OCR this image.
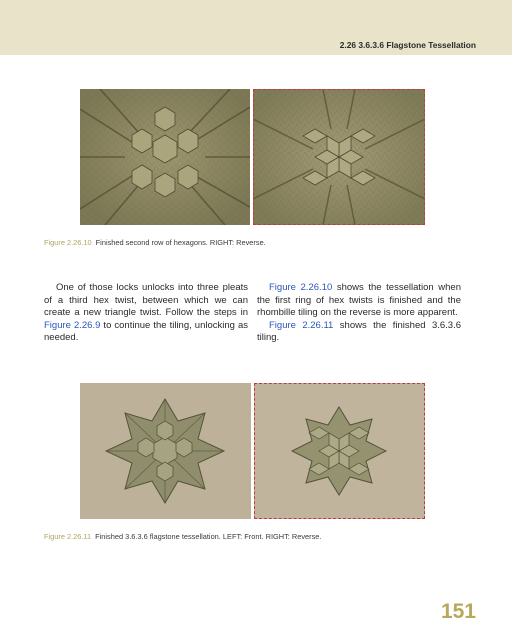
2.26 3.6.3.6 Flagstone Tessellation
Figure 2.26.10 Finished second row of hexagons. RIGHT: Reverse.

One of those locks unlocks into three pleats of a third hex twist, between which we can create a new triangle twist. Follow the steps in Figure 2.26.9 to continue the tiling, unlocking as needed.

Figure 2.26.10 shows the tessellation when the first ring of hex twists is finished and the rhombille tiling on the reverse is more apparent.

Figure 2.26.11 shows the finished 3.6.3.6 tiling.

Figure 2.26.11 Finished 3.6.3.6 flagstone tessellation. LEFT: Front. RIGHT: Reverse.
151
